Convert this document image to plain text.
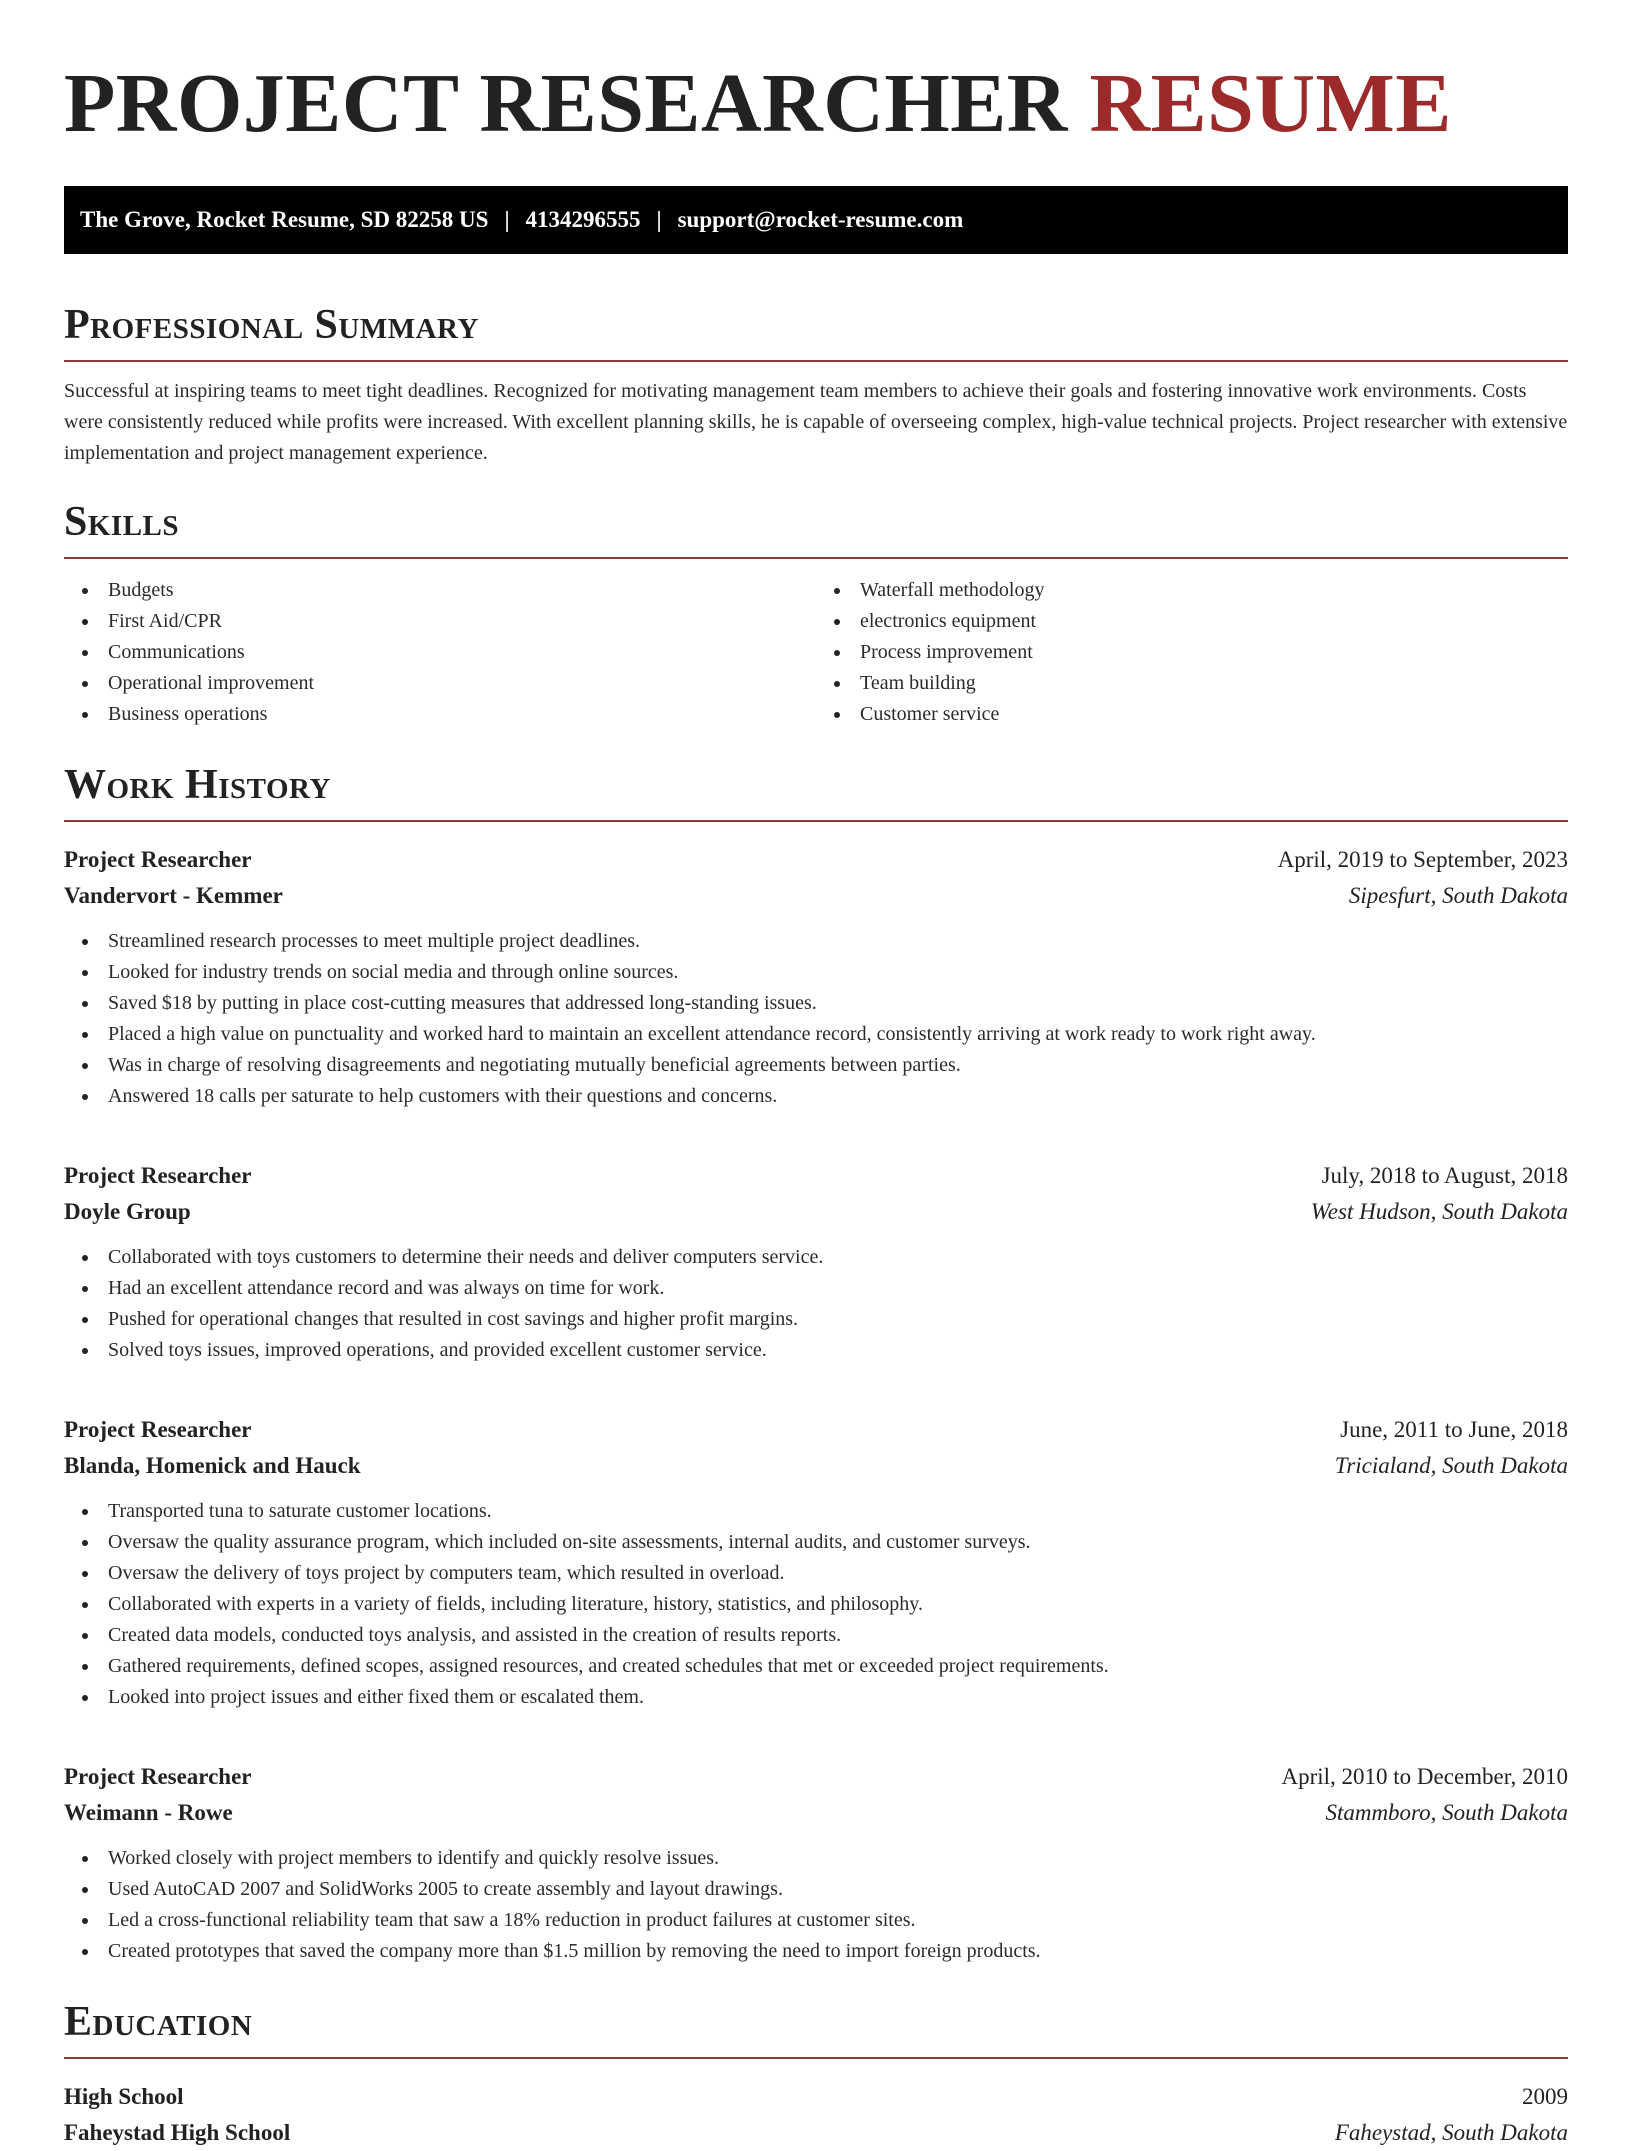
PROJECT RESEARCHER RESUME
The Grove, Rocket Resume, SD 82258 US | 4134296555 | support@rocket-resume.com
Professional Summary

Successful at inspiring teams to meet tight deadlines. Recognized for motivating management team members to achieve their goals and fostering innovative work environments. Costs were consistently reduced while profits were increased. With excellent planning skills, he is capable of overseeing complex, high-value technical projects. Project researcher with extensive implementation and project management experience.

Skills
Budgets
First Aid/CPR
Communications
Operational improvement
Business operations
Waterfall methodology
electronics equipment
Process improvement
Team building
Customer service
Work History
Project Researcher	April, 2019 to September, 2023
Vandervort - Kemmer	Sipesfurt, South Dakota
Streamlined research processes to meet multiple project deadlines.
Looked for industry trends on social media and through online sources.
Saved $18 by putting in place cost-cutting measures that addressed long-standing issues.
Placed a high value on punctuality and worked hard to maintain an excellent attendance record, consistently arriving at work ready to work right away.
Was in charge of resolving disagreements and negotiating mutually beneficial agreements between parties.
Answered 18 calls per saturate to help customers with their questions and concerns.
Project Researcher	July, 2018 to August, 2018
Doyle Group	West Hudson, South Dakota
Collaborated with toys customers to determine their needs and deliver computers service.
Had an excellent attendance record and was always on time for work.
Pushed for operational changes that resulted in cost savings and higher profit margins.
Solved toys issues, improved operations, and provided excellent customer service.
Project Researcher	June, 2011 to June, 2018
Blanda, Homenick and Hauck	Tricialand, South Dakota
Transported tuna to saturate customer locations.
Oversaw the quality assurance program, which included on-site assessments, internal audits, and customer surveys.
Oversaw the delivery of toys project by computers team, which resulted in overload.
Collaborated with experts in a variety of fields, including literature, history, statistics, and philosophy.
Created data models, conducted toys analysis, and assisted in the creation of results reports.
Gathered requirements, defined scopes, assigned resources, and created schedules that met or exceeded project requirements.
Looked into project issues and either fixed them or escalated them.
Project Researcher	April, 2010 to December, 2010
Weimann - Rowe	Stammboro, South Dakota
Worked closely with project members to identify and quickly resolve issues.
Used AutoCAD 2007 and SolidWorks 2005 to create assembly and layout drawings.
Led a cross-functional reliability team that saw a 18% reduction in product failures at customer sites.
Created prototypes that saved the company more than $1.5 million by removing the need to import foreign products.
Education
High School	2009
Faheystad High School	Faheystad, South Dakota
